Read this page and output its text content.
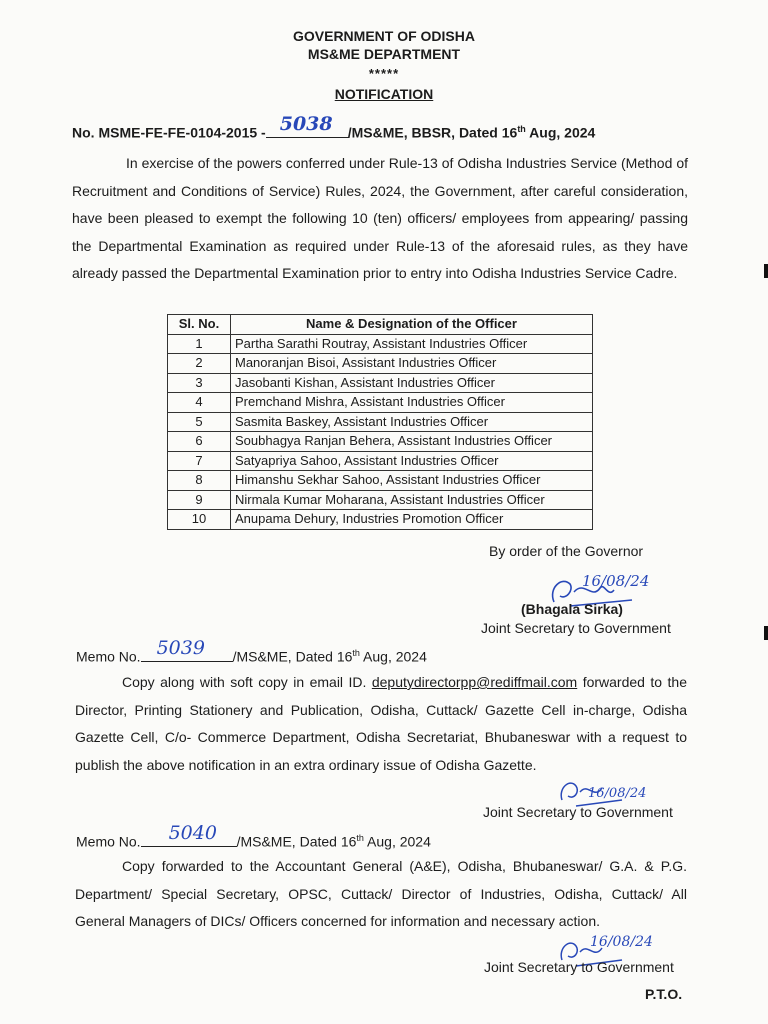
GOVERNMENT OF ODISHA
MS&ME DEPARTMENT
*****
NOTIFICATION
No. MSME-FE-FE-0104-2015 - 5038 /MS&ME, BBSR, Dated 16th Aug, 2024
In exercise of the powers conferred under Rule-13 of Odisha Industries Service (Method of Recruitment and Conditions of Service) Rules, 2024, the Government, after careful consideration, have been pleased to exempt the following 10 (ten) officers/ employees from appearing/ passing the Departmental Examination as required under Rule-13 of the aforesaid rules, as they have already passed the Departmental Examination prior to entry into Odisha Industries Service Cadre.
Sl. No.	Name & Designation of the Officer
1	Partha Sarathi Routray, Assistant Industries Officer
2	Manoranjan Bisoi, Assistant Industries Officer
3	Jasobanti Kishan, Assistant Industries Officer
4	Premchand Mishra, Assistant Industries Officer
5	Sasmita Baskey, Assistant Industries Officer
6	Soubhagya Ranjan Behera, Assistant Industries Officer
7	Satyapriya Sahoo, Assistant Industries Officer
8	Himanshu Sekhar Sahoo, Assistant Industries Officer
9	Nirmala Kumar Moharana, Assistant Industries Officer
10	Anupama Dehury, Industries Promotion Officer
By order of the Governor
16/08/24
(Bhagala Sirka)
Joint Secretary to Government
Memo No. 5039 /MS&ME, Dated 16th Aug, 2024
Copy along with soft copy in email ID. deputydirectorpp@rediffmail.com forwarded to the Director, Printing Stationery and Publication, Odisha, Cuttack/ Gazette Cell in-charge, Odisha Gazette Cell, C/o- Commerce Department, Odisha Secretariat, Bhubaneswar with a request to publish the above notification in an extra ordinary issue of Odisha Gazette.
16/08/24
Joint Secretary to Government
Memo No. 5040 /MS&ME, Dated 16th Aug, 2024
Copy forwarded to the Accountant General (A&E), Odisha, Bhubaneswar/ G.A. & P.G. Department/ Special Secretary, OPSC, Cuttack/ Director of Industries, Odisha, Cuttack/ All General Managers of DICs/ Officers concerned for information and necessary action.
16/08/24
Joint Secretary to Government
P.T.O.
